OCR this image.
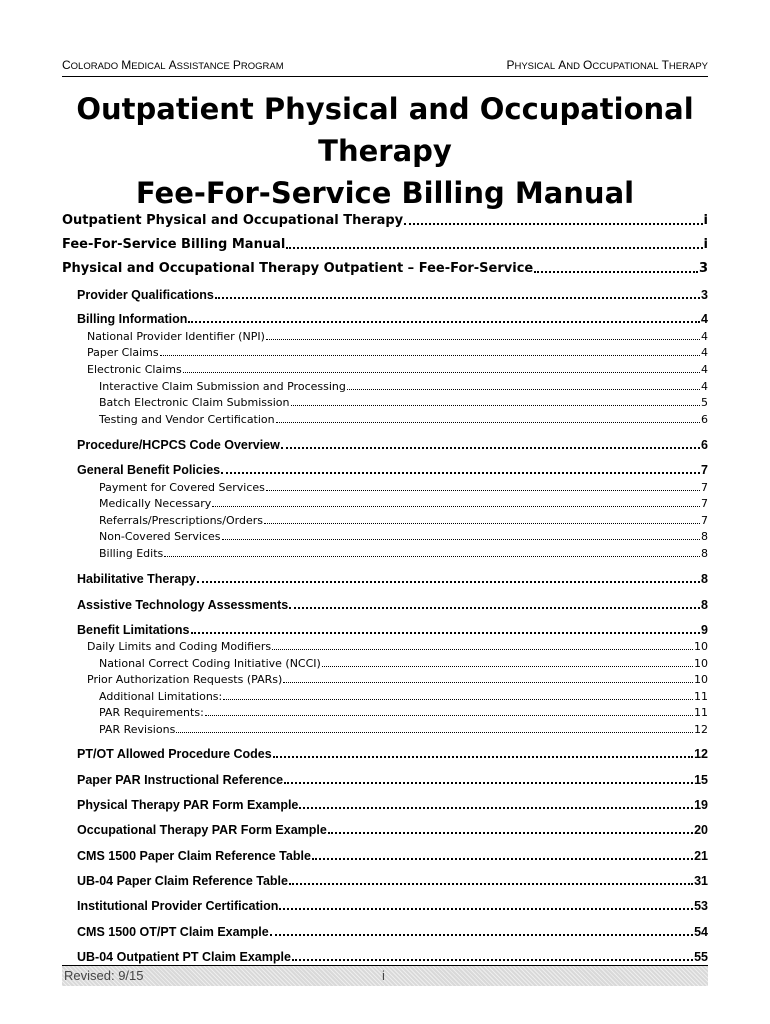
COLORADO MEDICAL ASSISTANCE PROGRAM	PHYSICAL AND OCCUPATIONAL THERAPY
Outpatient Physical and Occupational
Therapy
Fee-For-Service Billing Manual
Outpatient Physical and Occupational Therapy	i
Fee-For-Service Billing Manual	i
Physical and Occupational Therapy Outpatient – Fee-For-Service	3
Provider Qualifications	3
Billing Information	4
National Provider Identifier (NPI)	4
Paper Claims	4
Electronic Claims	4
Interactive Claim Submission and Processing	4
Batch Electronic Claim Submission	5
Testing and Vendor Certification	6
Procedure/HCPCS Code Overview	6
General Benefit Policies	7
Payment for Covered Services	7
Medically Necessary	7
Referrals/Prescriptions/Orders	7
Non-Covered Services	8
Billing Edits	8
Habilitative Therapy	8
Assistive Technology Assessments	8
Benefit Limitations	9
Daily Limits and Coding Modifiers	10
National Correct Coding Initiative (NCCI)	10
Prior Authorization Requests (PARs)	10
Additional Limitations:	11
PAR Requirements:	11
PAR Revisions	12
PT/OT Allowed Procedure Codes	12
Paper PAR Instructional Reference	15
Physical Therapy PAR Form Example	19
Occupational Therapy PAR Form Example	20
CMS 1500 Paper Claim Reference Table	21
UB-04 Paper Claim Reference Table	31
Institutional Provider Certification	53
CMS 1500 OT/PT Claim Example	54
UB-04 Outpatient PT Claim Example	55
Revised: 9/15	i
